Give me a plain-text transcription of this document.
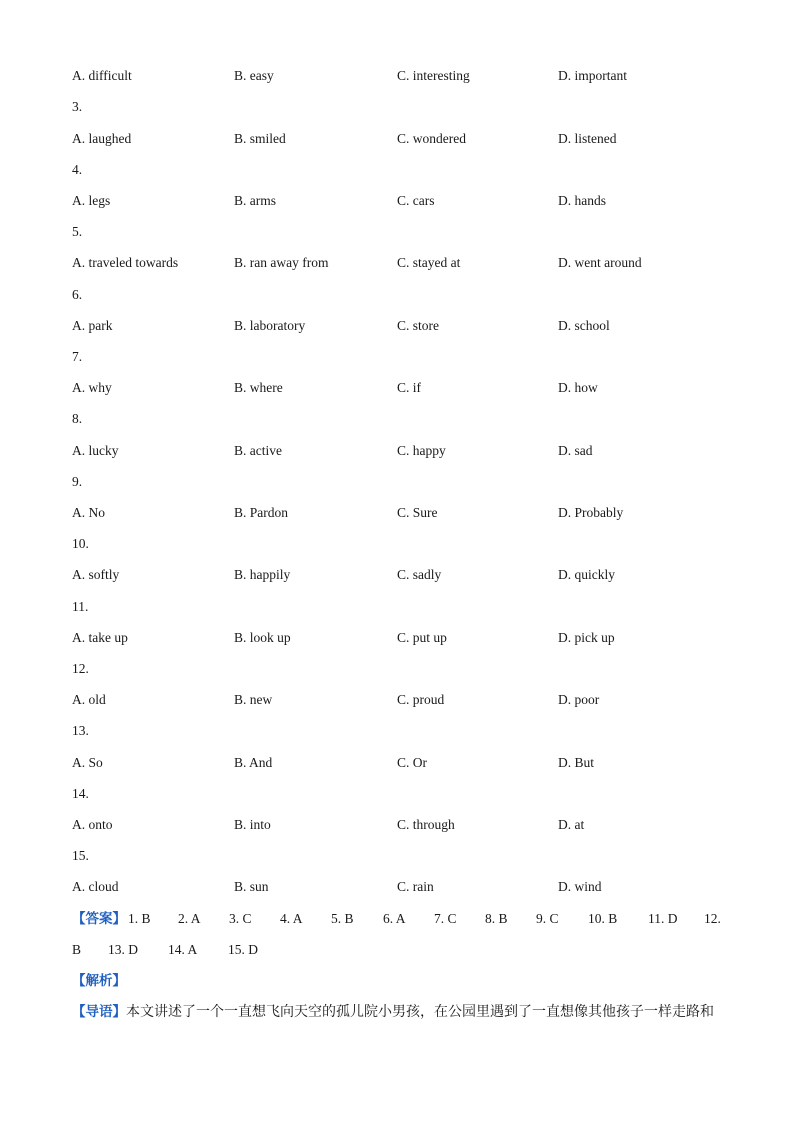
A. difficult	B. easy	C. interesting	D. important
3.
A. laughed	B. smiled	C. wondered	D. listened
4.
A. legs	B. arms	C. cars	D. hands
5.
A. traveled towards	B. ran away from	C. stayed at	D. went around
6.
A. park	B. laboratory	C. store	D. school
7.
A. why	B. where	C. if	D. how
8.
A. lucky	B. active	C. happy	D. sad
9.
A. No	B. Pardon	C. Sure	D. Probably
10.
A. softly	B. happily	C. sadly	D. quickly
11.
A. take up	B. look up	C. put up	D. pick up
12.
A. old	B. new	C. proud	D. poor
13.
A. So	B. And	C. Or	D. But
14.
A. onto	B. into	C. through	D. at
15.
A. cloud	B. sun	C. rain	D. wind
【答案】 1. B 2. A 3. C 4. A 5. B 6. A 7. C 8. B 9. C 10. B 11. D 12.
B 13. D 14. A 15. D
【解析】
【导语】本文讲述了一个一直想飞向天空的孤儿院小男孩，在公园里遇到了一直想像其他孩子一样走路和
